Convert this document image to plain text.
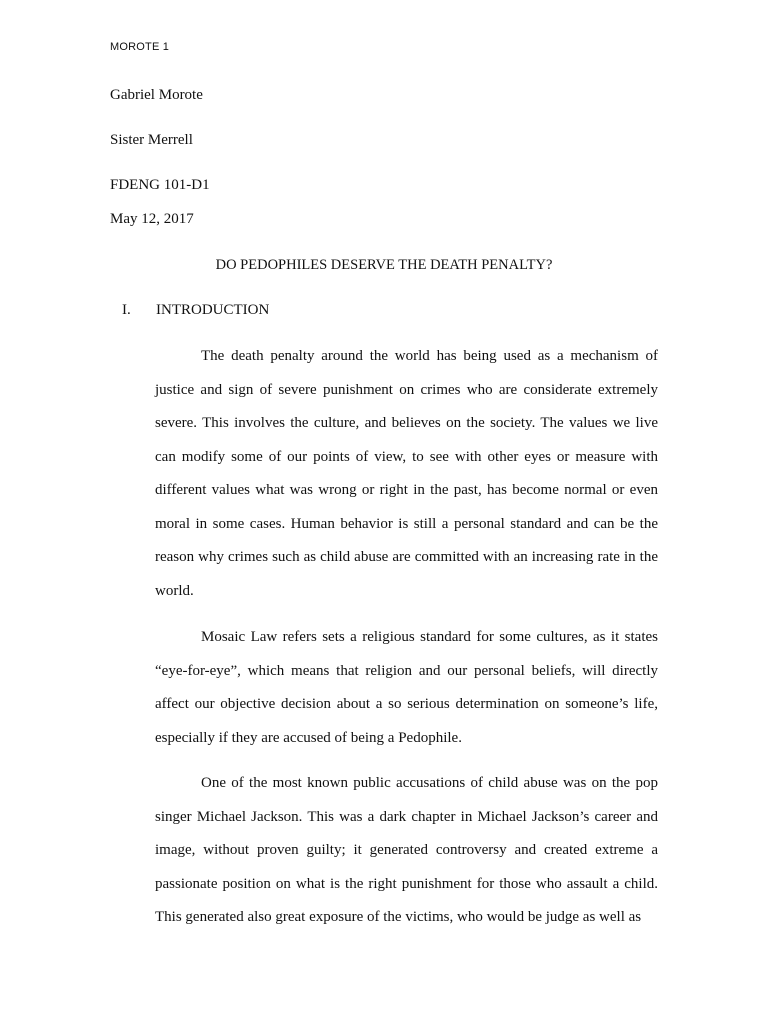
MOROTE 1
Gabriel Morote
Sister Merrell
FDENG 101-D1
May 12, 2017
DO PEDOPHILES DESERVE THE DEATH PENALTY?
I. INTRODUCTION

The death penalty around the world has being used as a mechanism of justice and sign of severe punishment on crimes who are considerate extremely severe. This involves the culture, and believes on the society. The values we live can modify some of our points of view, to see with other eyes or measure with different values what was wrong or right in the past, has become normal or even moral in some cases. Human behavior is still a personal standard and can be the reason why crimes such as child abuse are committed with an increasing rate in the world.

Mosaic Law refers sets a religious standard for some cultures, as it states “eye-for-eye”, which means that religion and our personal beliefs, will directly affect our objective decision about a so serious determination on someone’s life, especially if they are accused of being a Pedophile.

One of the most known public accusations of child abuse was on the pop singer Michael Jackson. This was a dark chapter in Michael Jackson’s career and image, without proven guilty; it generated controversy and created extreme a passionate position on what is the right punishment for those who assault a child. This generated also great exposure of the victims, who would be judge as well as
